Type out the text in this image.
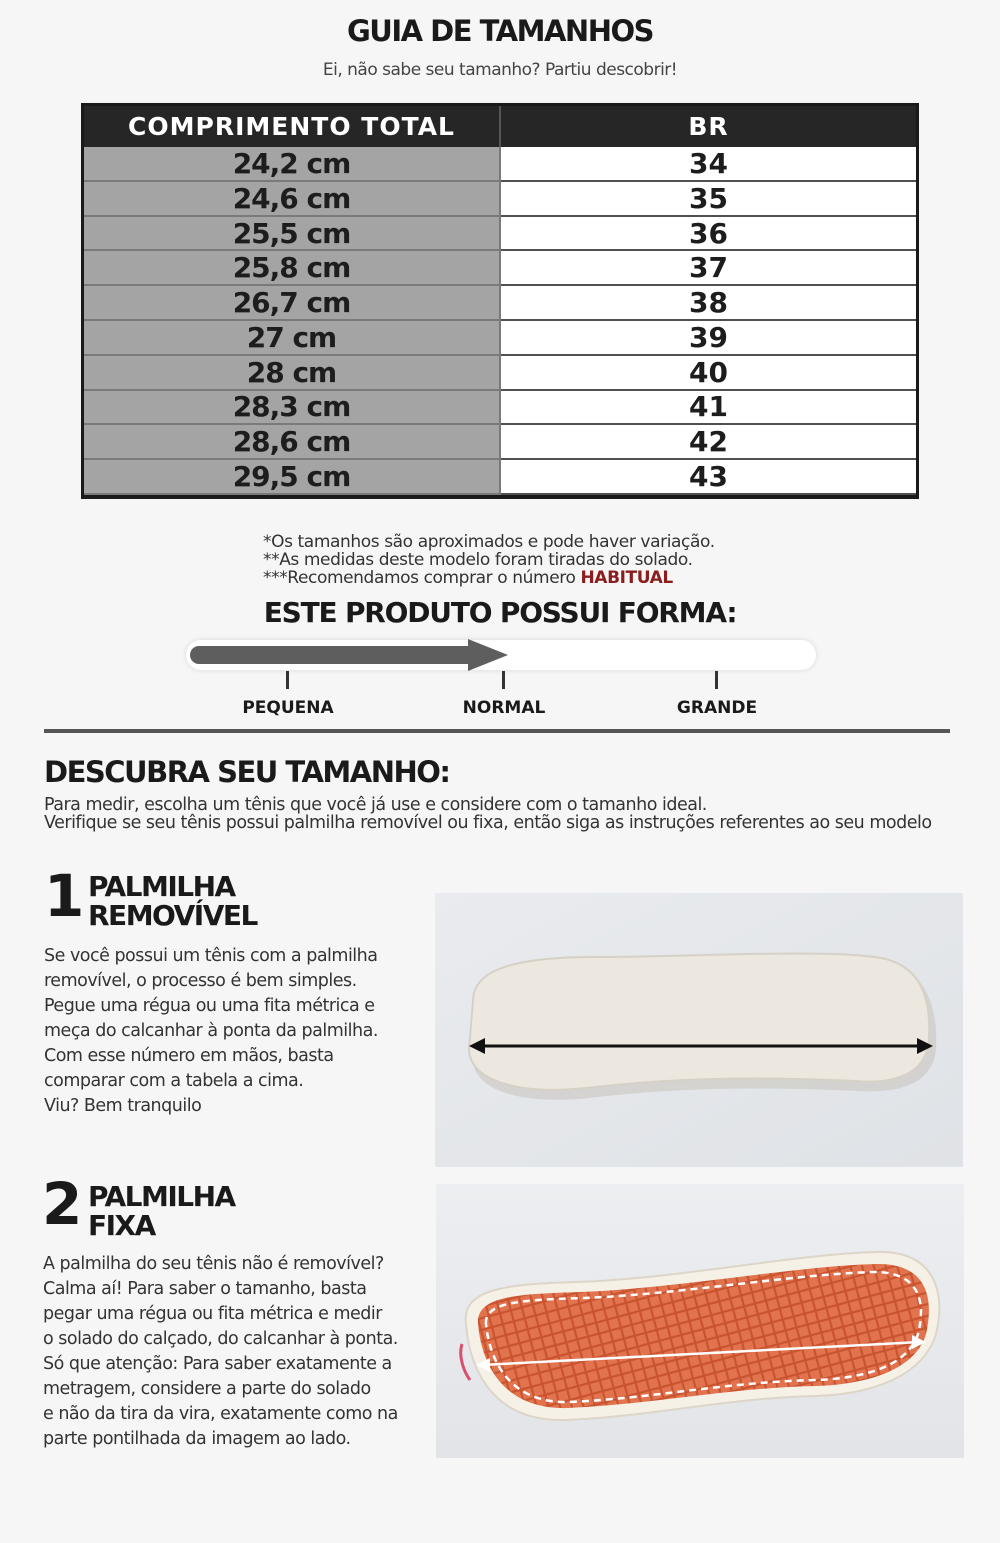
GUIA DE TAMANHOS
Ei, não sabe seu tamanho? Partiu descobrir!
COMPRIMENTO TOTAL	BR
24,2 cm	34
24,6 cm	35
25,5 cm	36
25,8 cm	37
26,7 cm	38
27 cm	39
28 cm	40
28,3 cm	41
28,6 cm	42
29,5 cm	43
*Os tamanhos são aproximados e pode haver variação.
**As medidas deste modelo foram tiradas do solado.
***Recomendamos comprar o número HABITUAL
ESTE PRODUTO POSSUI FORMA:
PEQUENA	NORMAL	GRANDE
DESCUBRA SEU TAMANHO:
Para medir, escolha um tênis que você já use e considere com o tamanho ideal.
Verifique se seu tênis possui palmilha removível ou fixa, então siga as instruções referentes ao seu modelo
1 PALMILHA
REMOVÍVEL
Se você possui um tênis com a palmilha
removível, o processo é bem simples.
Pegue uma régua ou uma fita métrica e
meça do calcanhar à ponta da palmilha.
Com esse número em mãos, basta
comparar com a tabela a cima.
Viu? Bem tranquilo
2 PALMILHA
FIXA
A palmilha do seu tênis não é removível?
Calma aí! Para saber o tamanho, basta
pegar uma régua ou fita métrica e medir
o solado do calçado, do calcanhar à ponta.
Só que atenção: Para saber exatamente a
metragem, considere a parte do solado
e não da tira da vira, exatamente como na
parte pontilhada da imagem ao lado.
